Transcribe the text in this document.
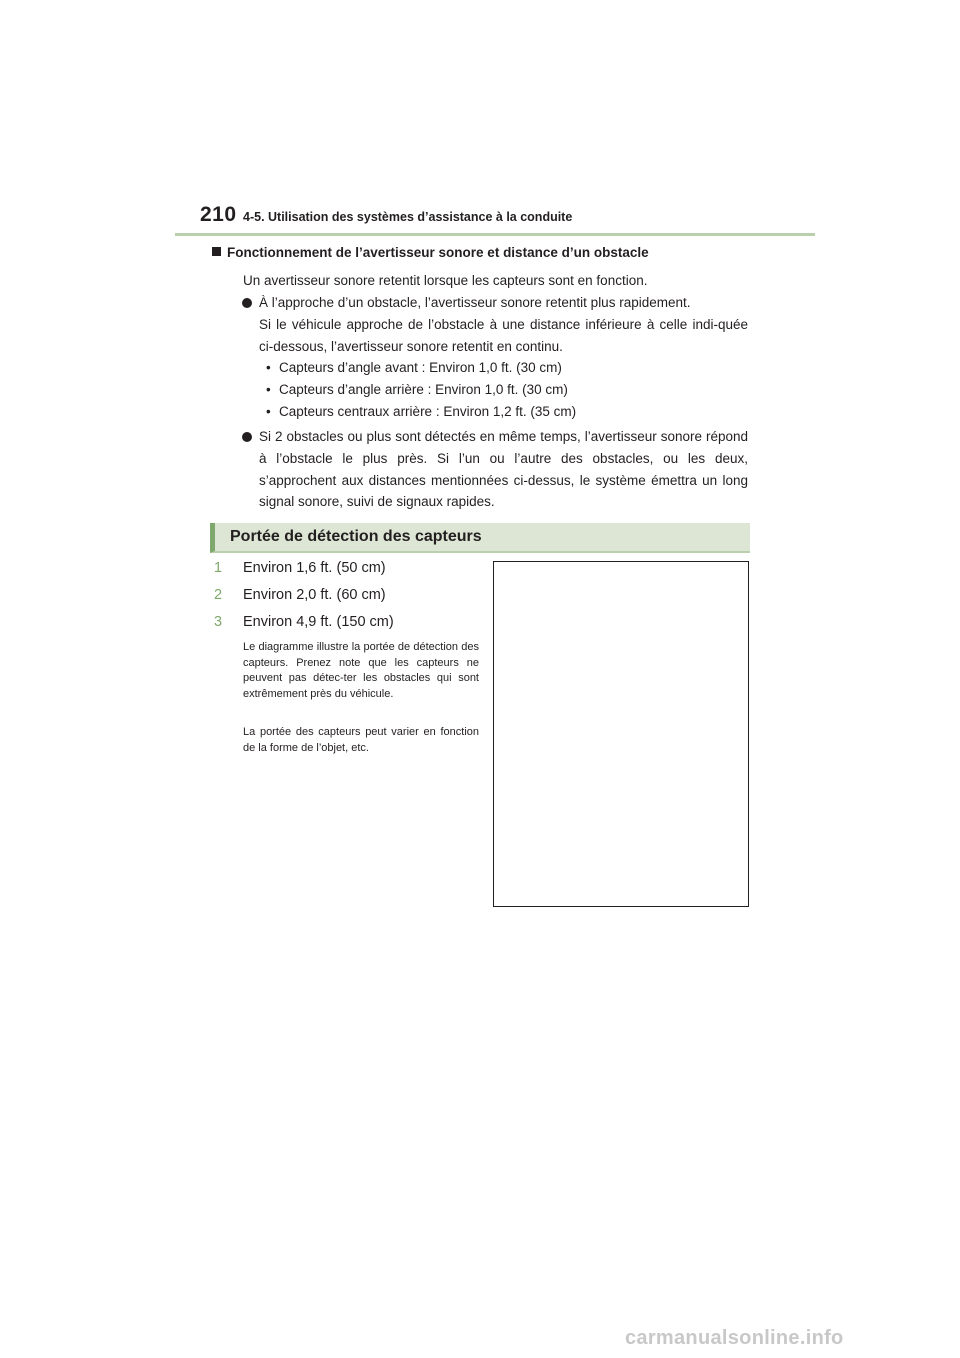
210 4-5. Utilisation des systèmes d’assistance à la conduite
Fonctionnement de l’avertisseur sonore et distance d’un obstacle
Un avertisseur sonore retentit lorsque les capteurs sont en fonction.
À l’approche d’un obstacle, l’avertisseur sonore retentit plus rapidement.
Si le véhicule approche de l’obstacle à une distance inférieure à celle indi-quée ci-dessous, l’avertisseur sonore retentit en continu.
• Capteurs d’angle avant : Environ 1,0 ft. (30 cm)
• Capteurs d’angle arrière : Environ 1,0 ft. (30 cm)
• Capteurs centraux arrière : Environ 1,2 ft. (35 cm)
Si 2 obstacles ou plus sont détectés en même temps, l’avertisseur sonore répond à l’obstacle le plus près. Si l’un ou l’autre des obstacles, ou les deux, s’approchent aux distances mentionnées ci-dessus, le système émettra un long signal sonore, suivi de signaux rapides.
Portée de détection des capteurs
1 Environ 1,6 ft. (50 cm)
2 Environ 2,0 ft. (60 cm)
3 Environ 4,9 ft. (150 cm)
Le diagramme illustre la portée de détection des capteurs. Prenez note que les capteurs ne peuvent pas détec-ter les obstacles qui sont extrêmement près du véhicule.
La portée des capteurs peut varier en fonction de la forme de l’objet, etc.
carmanualsonline.info
